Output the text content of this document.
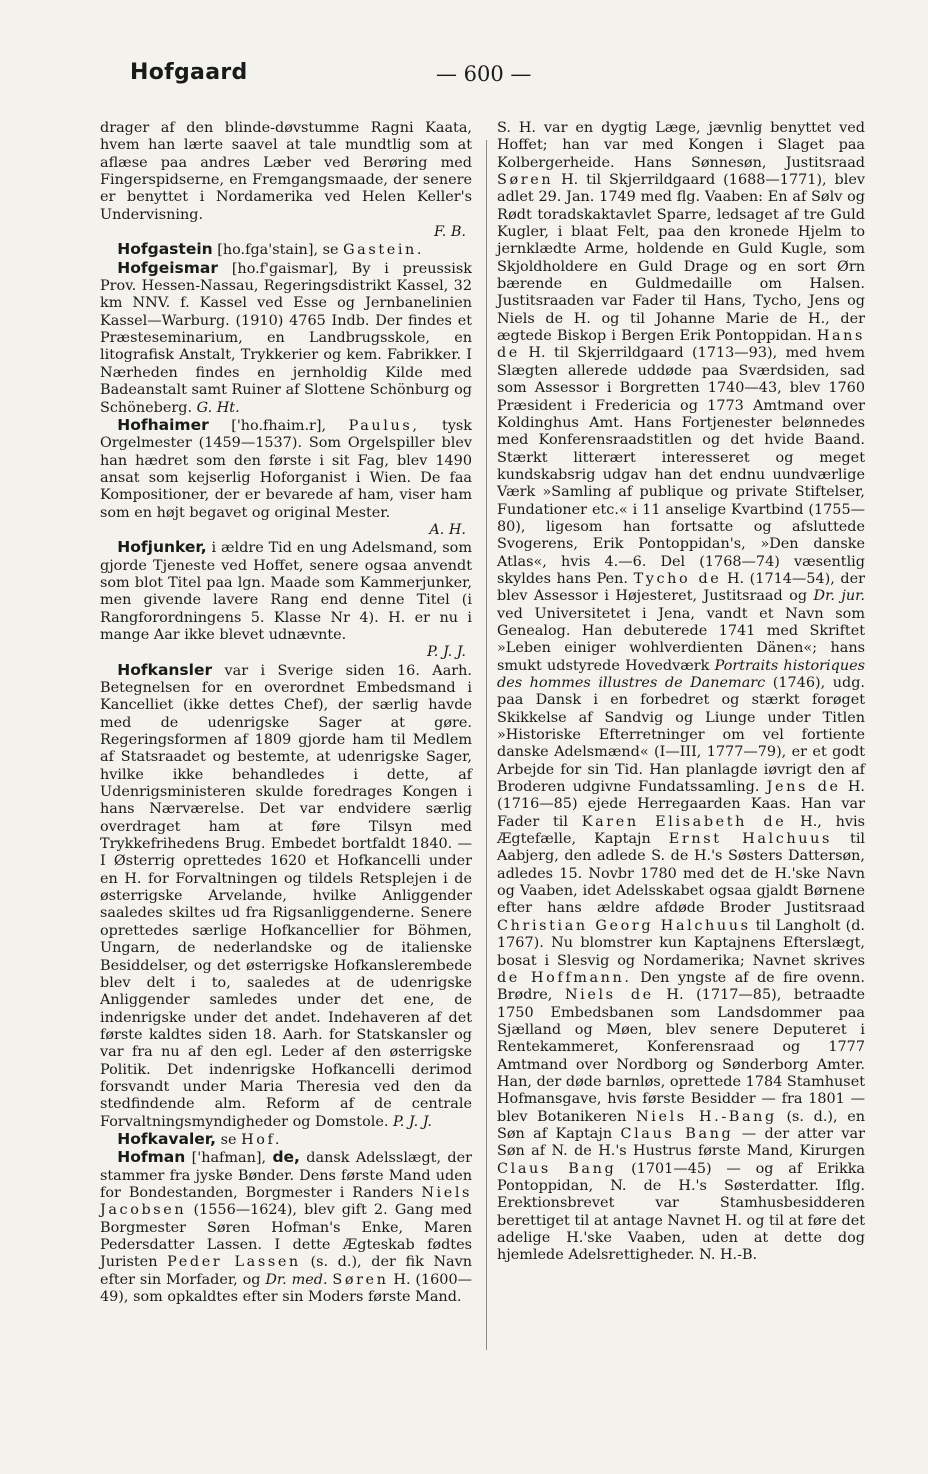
Hofgaard	— 600 —

drager af den blinde-døvstumme Ragni Kaata, hvem han lærte saavel at tale mundtlig som at aflæse paa andres Læber ved Berøring med Fingerspidserne, en Fremgangsmaade, der senere er benyttet i Nordamerika ved Helen Keller's Undervisning.
F. B.

Hofgastein [ho.fga'stain], se Gastein.

Hofgeismar [ho.f'gaismar], By i preussisk Prov. Hessen-Nassau, Regeringsdistrikt Kassel, 32 km NNV. f. Kassel ved Esse og Jernbanelinien Kassel—Warburg. (1910) 4765 Indb. Der findes et Præsteseminarium, en Landbrugsskole, en litografisk Anstalt, Trykkerier og kem. Fabrikker. I Nærheden findes en jernholdig Kilde med Badeanstalt samt Ruiner af Slottene Schönburg og Schöneberg. G. Ht.

Hofhaimer ['ho.fhaim.r], Paulus, tysk Orgelmester (1459—1537). Som Orgelspiller blev han hædret som den første i sit Fag, blev 1490 ansat som kejserlig Hoforganist i Wien. De faa Kompositioner, der er bevarede af ham, viser ham som en højt begavet og original Mester.
A. H.

Hofjunker, i ældre Tid en ung Adelsmand, som gjorde Tjeneste ved Hoffet, senere ogsaa anvendt som blot Titel paa lgn. Maade som Kammerjunker, men givende lavere Rang end denne Titel (i Rangforordningens 5. Klasse Nr 4). H. er nu i mange Aar ikke blevet udnævnte.
P. J. J.

Hofkansler var i Sverige siden 16. Aarh. Betegnelsen for en overordnet Embedsmand i Kancelliet (ikke dettes Chef), der særlig havde med de udenrigske Sager at gøre. Regeringsformen af 1809 gjorde ham til Medlem af Statsraadet og bestemte, at udenrigske Sager, hvilke ikke behandledes i dette, af Udenrigsministeren skulde foredrages Kongen i hans Nærværelse. Det var endvidere særlig overdraget ham at føre Tilsyn med Trykkefrihedens Brug. Embedet bortfaldt 1840. — I Østerrig oprettedes 1620 et Hofkancelli under en H. for Forvaltningen og tildels Retsplejen i de østerrigske Arvelande, hvilke Anliggender saaledes skiltes ud fra Rigsanliggenderne. Senere oprettedes særlige Hofkancellier for Böhmen, Ungarn, de nederlandske og de italienske Besiddelser, og det østerrigske Hofkanslerembede blev delt i to, saaledes at de udenrigske Anliggender samledes under det ene, de indenrigske under det andet. Indehaveren af det første kaldtes siden 18. Aarh. for Statskansler og var fra nu af den egl. Leder af den østerrigske Politik. Det indenrigske Hofkancelli derimod forsvandt under Maria Theresia ved den da stedfindende alm. Reform af de centrale Forvaltningsmyndigheder og Domstole. P. J. J.

Hofkavaler, se Hof.

Hofman ['hafman], de, dansk Adelsslægt, der stammer fra jyske Bønder. Dens første Mand uden for Bondestanden, Borgmester i Randers Niels Jacobsen (1556—1624), blev gift 2. Gang med Borgmester Søren Hofman's Enke, Maren Pedersdatter Lassen. I dette Ægteskab fødtes Juristen Peder Lassen (s. d.), der fik Navn efter sin Morfader, og Dr. med. Søren H. (1600—49), som opkaldtes efter sin Moders første Mand.

S. H. var en dygtig Læge, jævnlig benyttet ved Hoffet; han var med Kongen i Slaget paa Kolbergerheide. Hans Sønnesøn, Justitsraad Søren H. til Skjerrildgaard (1688—1771), blev adlet 29. Jan. 1749 med flg. Vaaben: En af Sølv og Rødt toradskaktavlet Sparre, ledsaget af tre Guld Kugler, i blaat Felt, paa den kronede Hjelm to jernklædte Arme, holdende en Guld Kugle, som Skjoldholdere en Guld Drage og en sort Ørn bærende en Guldmedaille om Halsen. Justitsraaden var Fader til Hans, Tycho, Jens og Niels de H. og til Johanne Marie de H., der ægtede Biskop i Bergen Erik Pontoppidan. Hans de H. til Skjerrildgaard (1713—93), med hvem Slægten allerede uddøde paa Sværdsiden, sad som Assessor i Borgretten 1740—43, blev 1760 Præsident i Fredericia og 1773 Amtmand over Koldinghus Amt. Hans Fortjenester belønnedes med Konferensraadstitlen og det hvide Baand. Stærkt litterært interesseret og meget kundskabsrig udgav han det endnu uundværlige Værk »Samling af publique og private Stiftelser, Fundationer etc.« i 11 anselige Kvartbind (1755—80), ligesom han fortsatte og afsluttede Svogerens, Erik Pontoppidan's, »Den danske Atlas«, hvis 4.—6. Del (1768—74) væsentlig skyldes hans Pen. Tycho de H. (1714—54), der blev Assessor i Højesteret, Justitsraad og Dr. jur. ved Universitetet i Jena, vandt et Navn som Genealog. Han debuterede 1741 med Skriftet »Leben einiger wohlverdienten Dänen«; hans smukt udstyrede Hovedværk Portraits historiques des hommes illustres de Danemarc (1746), udg. paa Dansk i en forbedret og stærkt forøget Skikkelse af Sandvig og Liunge under Titlen »Historiske Efterretninger om vel fortiente danske Adelsmænd« (I—III, 1777—79), er et godt Arbejde for sin Tid. Han planlagde iøvrigt den af Broderen udgivne Fundatssamling. Jens de H. (1716—85) ejede Herregaarden Kaas. Han var Fader til Karen Elisabeth de H., hvis Ægtefælle, Kaptajn Ernst Halchuus til Aabjerg, den adlede S. de H.'s Søsters Dattersøn, adledes 15. Novbr 1780 med det de H.'ske Navn og Vaaben, idet Adelsskabet ogsaa gjaldt Børnene efter hans ældre afdøde Broder Justitsraad Christian Georg Halchuus til Langholt (d. 1767). Nu blomstrer kun Kaptajnens Efterslægt, bosat i Slesvig og Nordamerika; Navnet skrives de Hoffmann. Den yngste af de fire ovenn. Brødre, Niels de H. (1717—85), betraadte 1750 Embedsbanen som Landsdommer paa Sjælland og Møen, blev senere Deputeret i Rentekammeret, Konferensraad og 1777 Amtmand over Nordborg og Sønderborg Amter. Han, der døde barnløs, oprettede 1784 Stamhuset Hofmansgave, hvis første Besidder — fra 1801 — blev Botanikeren Niels H.-Bang (s. d.), en Søn af Kaptajn Claus Bang — der atter var Søn af N. de H.'s Hustrus første Mand, Kirurgen Claus Bang (1701—45) — og af Erikka Pontoppidan, N. de H.'s Søsterdatter. Iflg. Erektionsbrevet var Stamhusbesidderen berettiget til at antage Navnet H. og til at føre det adelige H.'ske Vaaben, uden at dette dog hjemlede Adelsrettigheder. N. H.-B.
